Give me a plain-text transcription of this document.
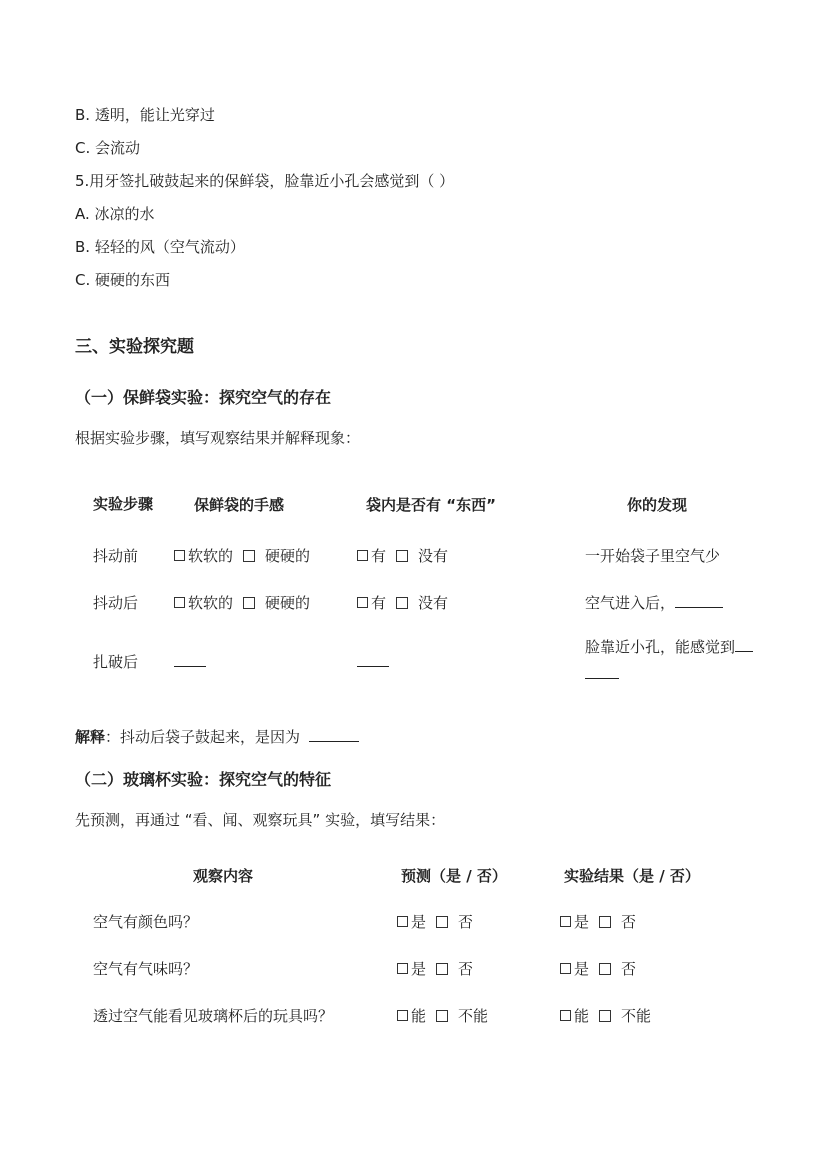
B. 透明，能让光穿过
C. 会流动
5.用牙签扎破鼓起来的保鲜袋，脸靠近小孔会感觉到（ ）
A. 冰凉的水
B. 轻轻的风（空气流动）
C. 硬硬的东西
三、实验探究题
（一）保鲜袋实验：探究空气的存在
根据实验步骤，填写观察结果并解释现象：
实验步骤	保鲜袋的手感	袋内是否有 “东西”	你的发现
抖动前	软软的 硬硬的	有 没有	一开始袋子里空气少
抖动后	软软的 硬硬的	有 没有	空气进入后，
扎破后			脸靠近小孔，能感觉到

解释：抖动后袋子鼓起来，是因为
（二）玻璃杯实验：探究空气的特征
先预测，再通过 “看、闻、观察玩具” 实验，填写结果：
观察内容	预测（是 / 否）	实验结果（是 / 否）
空气有颜色吗？	是 否	是 否
空气有气味吗？	是 否	是 否
透过空气能看见玻璃杯后的玩具吗？	能 不能	能 不能
